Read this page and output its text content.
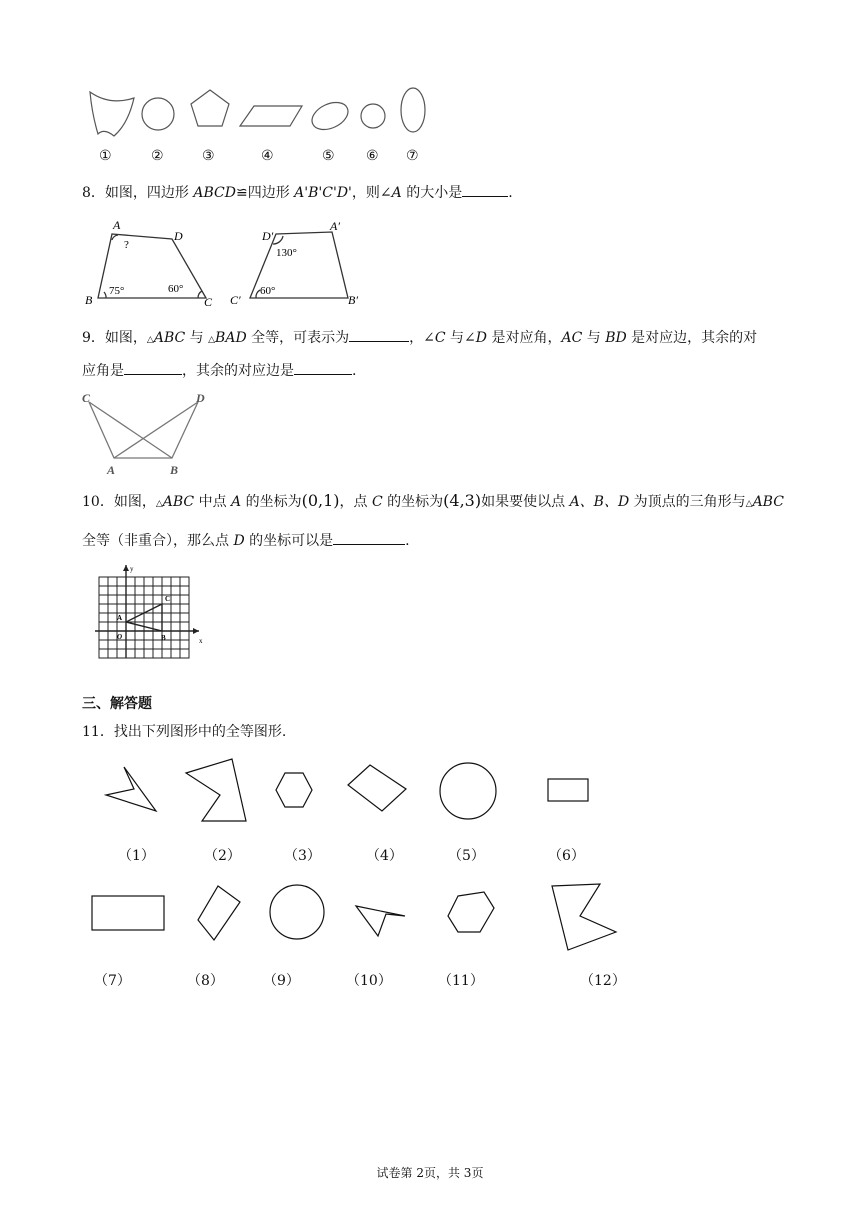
①	②	③	④	⑤ ⑥ ⑦
8．如图，四边形 ABCD≌四边形 A'B'C'D'，则∠A 的大小是	.
A
D
B	C
?
75°	60°
D′
A′
C′	B′
130°
60°
9．如图，△ABC 与 △BAD 全等，可表示为	，∠C 与∠D 是对应角，AC 与 BD 是对应边，其余的对
应角是	，其余的对应边是	.
C	D
A	B
10．如图，△ABC 中点 A 的坐标为(0,1)，点 C 的坐标为(4,3)如果要使以点 A、B、D 为顶点的三角形与△ABC
全等（非重合），那么点 D 的坐标可以是	.
y
x
C
A
O	B
三、解答题
11．找出下列图形中的全等图形.
（1）	（2）	（3）	（4）	（5）	（6）
（7）	（8）	（9）	（10）	（11）	（12）
试卷第 2页，共 3页
